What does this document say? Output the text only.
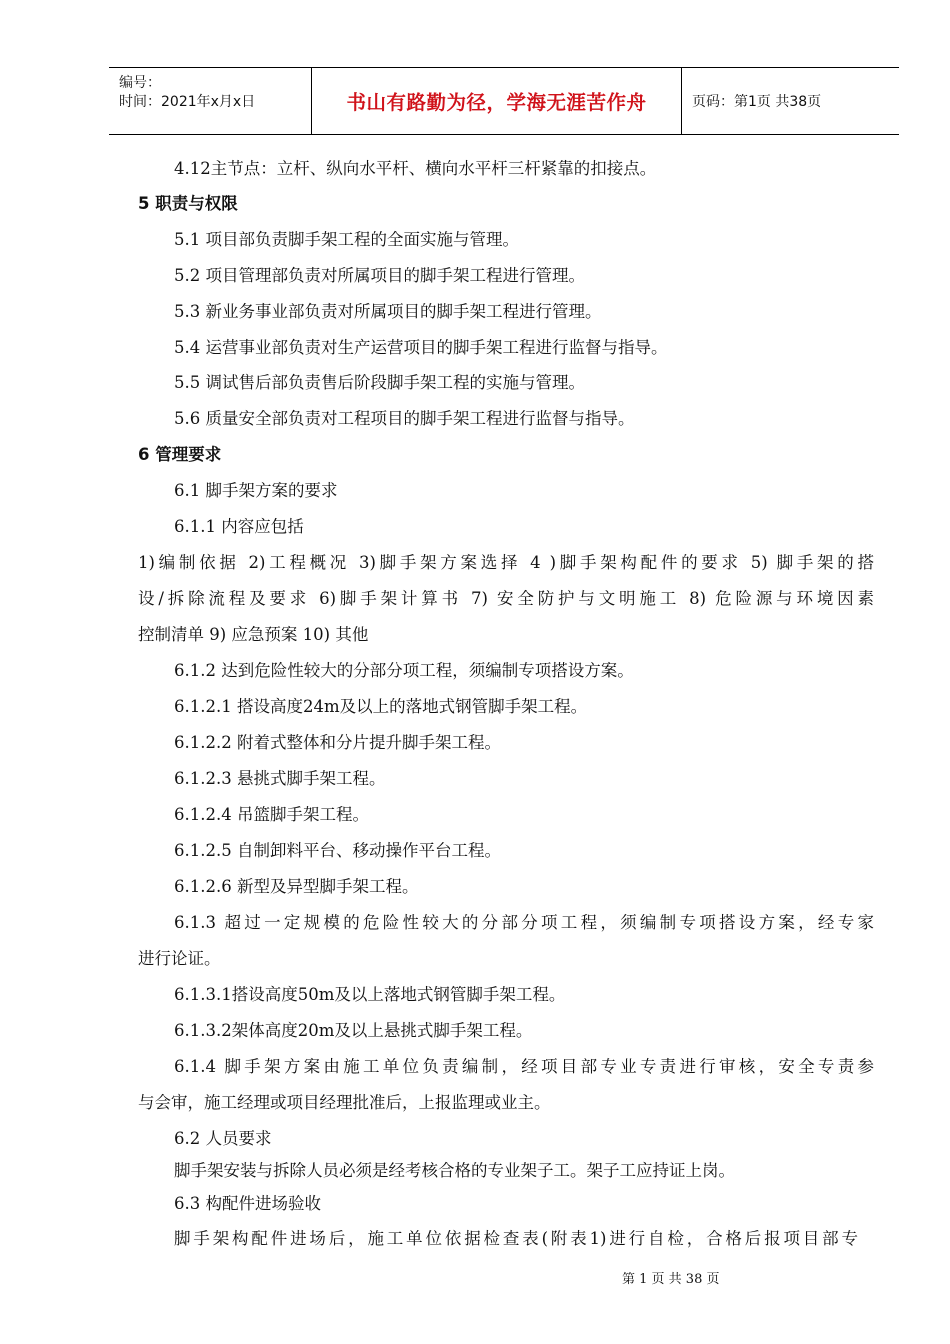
编号：
时间：2021年x月x日	书山有路勤为径，学海无涯苦作舟	页码：第1页 共38页
4.12主节点：立杆、纵向水平杆、横向水平杆三杆紧靠的扣接点。
5 职责与权限
5.1 项目部负责脚手架工程的全面实施与管理。
5.2 项目管理部负责对所属项目的脚手架工程进行管理。
5.3 新业务事业部负责对所属项目的脚手架工程进行管理。
5.4 运营事业部负责对生产运营项目的脚手架工程进行监督与指导。
5.5 调试售后部负责售后阶段脚手架工程的实施与管理。
5.6 质量安全部负责对工程项目的脚手架工程进行监督与指导。
6 管理要求
6.1 脚手架方案的要求
6.1.1 内容应包括
1)编制依据 2)工程概况 3)脚手架方案选择 4 )脚手架构配件的要求 5) 脚手架的搭
设/拆除流程及要求 6)脚手架计算书 7) 安全防护与文明施工 8) 危险源与环境因素
控制清单 9) 应急预案 10) 其他
6.1.2 达到危险性较大的分部分项工程，须编制专项搭设方案。
6.1.2.1 搭设高度24m及以上的落地式钢管脚手架工程。
6.1.2.2 附着式整体和分片提升脚手架工程。
6.1.2.3 悬挑式脚手架工程。
6.1.2.4 吊篮脚手架工程。
6.1.2.5 自制卸料平台、移动操作平台工程。
6.1.2.6 新型及异型脚手架工程。
6.1.3 超过一定规模的危险性较大的分部分项工程，须编制专项搭设方案，经专家
进行论证。
6.1.3.1搭设高度50m及以上落地式钢管脚手架工程。
6.1.3.2架体高度20m及以上悬挑式脚手架工程。
6.1.4 脚手架方案由施工单位负责编制，经项目部专业专责进行审核，安全专责参
与会审，施工经理或项目经理批准后，上报监理或业主。
6.2 人员要求
脚手架安装与拆除人员必须是经考核合格的专业架子工。架子工应持证上岗。
6.3 构配件进场验收
脚手架构配件进场后，施工单位依据检查表(附表1)进行自检，合格后报项目部专
第 1 页 共 38 页
